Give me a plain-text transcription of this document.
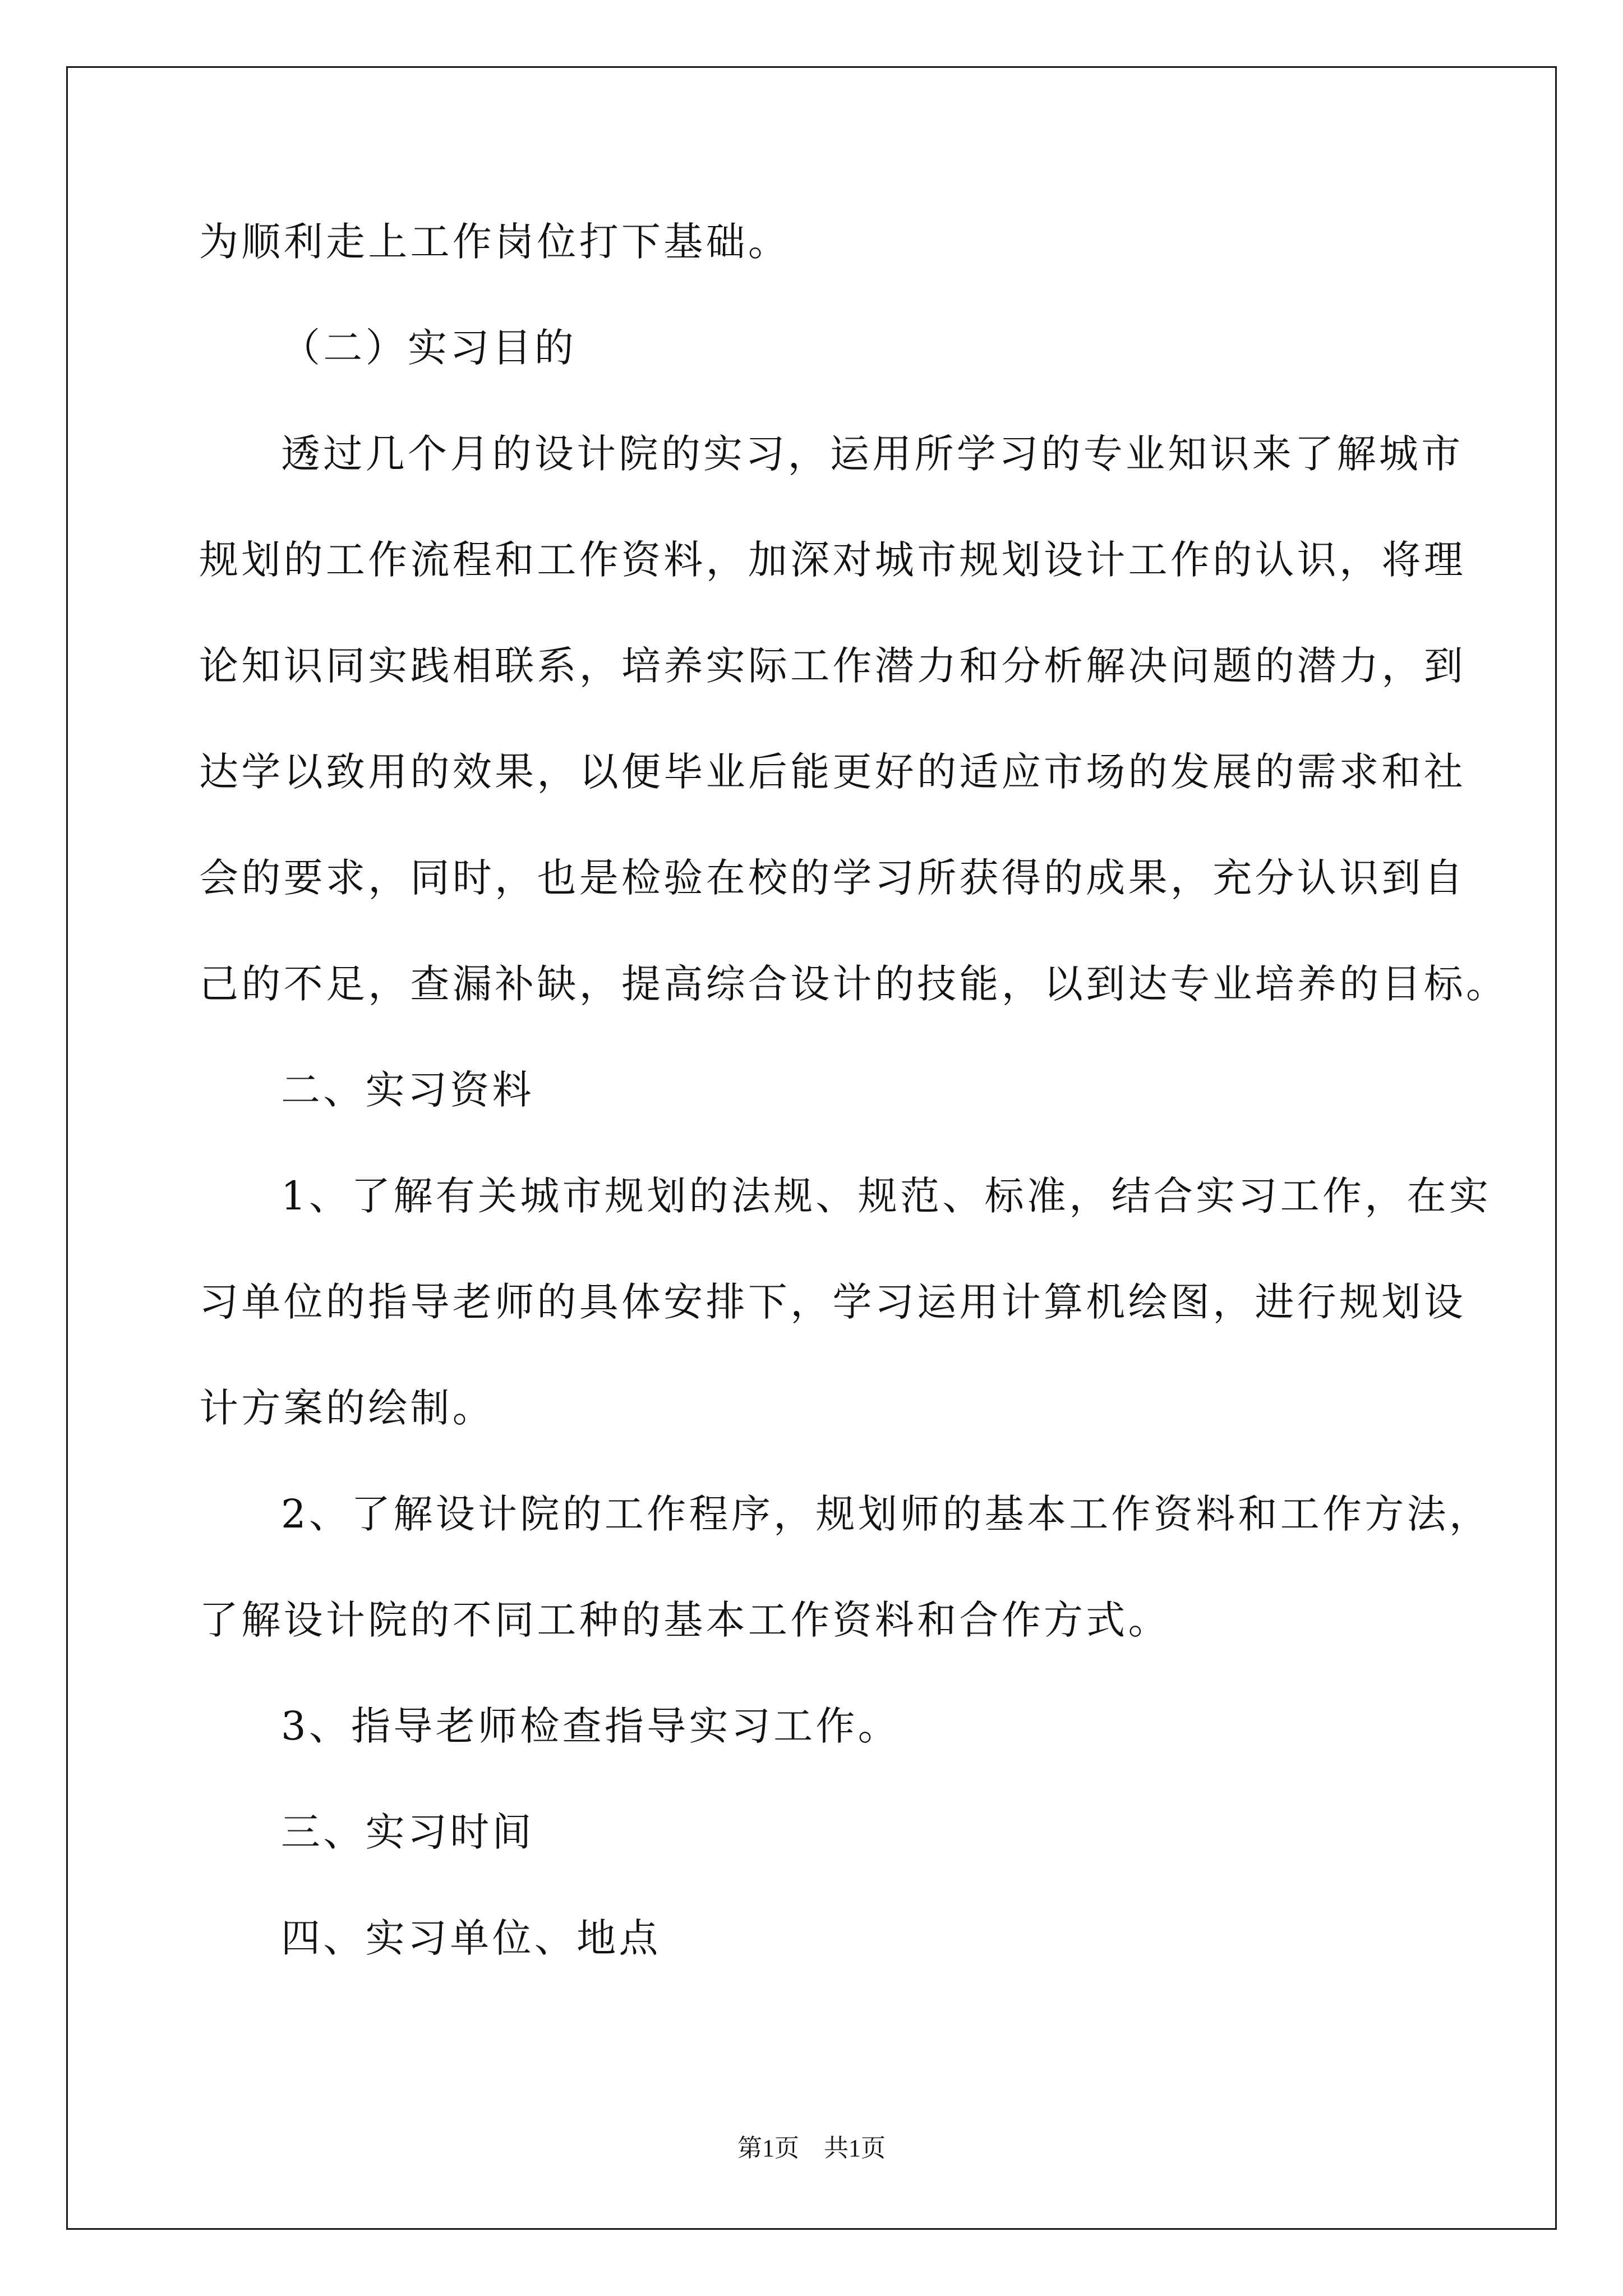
为顺利走上工作岗位打下基础。
（二）实习目的
透过几个月的设计院的实习，运用所学习的专业知识来了解城市
规划的工作流程和工作资料，加深对城市规划设计工作的认识，将理
论知识同实践相联系，培养实际工作潜力和分析解决问题的潜力，到
达学以致用的效果，以便毕业后能更好的适应市场的发展的需求和社
会的要求，同时，也是检验在校的学习所获得的成果，充分认识到自
己的不足，查漏补缺，提高综合设计的技能，以到达专业培养的目标。
二、实习资料
1、了解有关城市规划的法规、规范、标准，结合实习工作，在实
习单位的指导老师的具体安排下，学习运用计算机绘图，进行规划设
计方案的绘制。
2、了解设计院的工作程序，规划师的基本工作资料和工作方法，
了解设计院的不同工种的基本工作资料和合作方式。
3、指导老师检查指导实习工作。
三、实习时间
四、实习单位、地点
第1页　共1页
